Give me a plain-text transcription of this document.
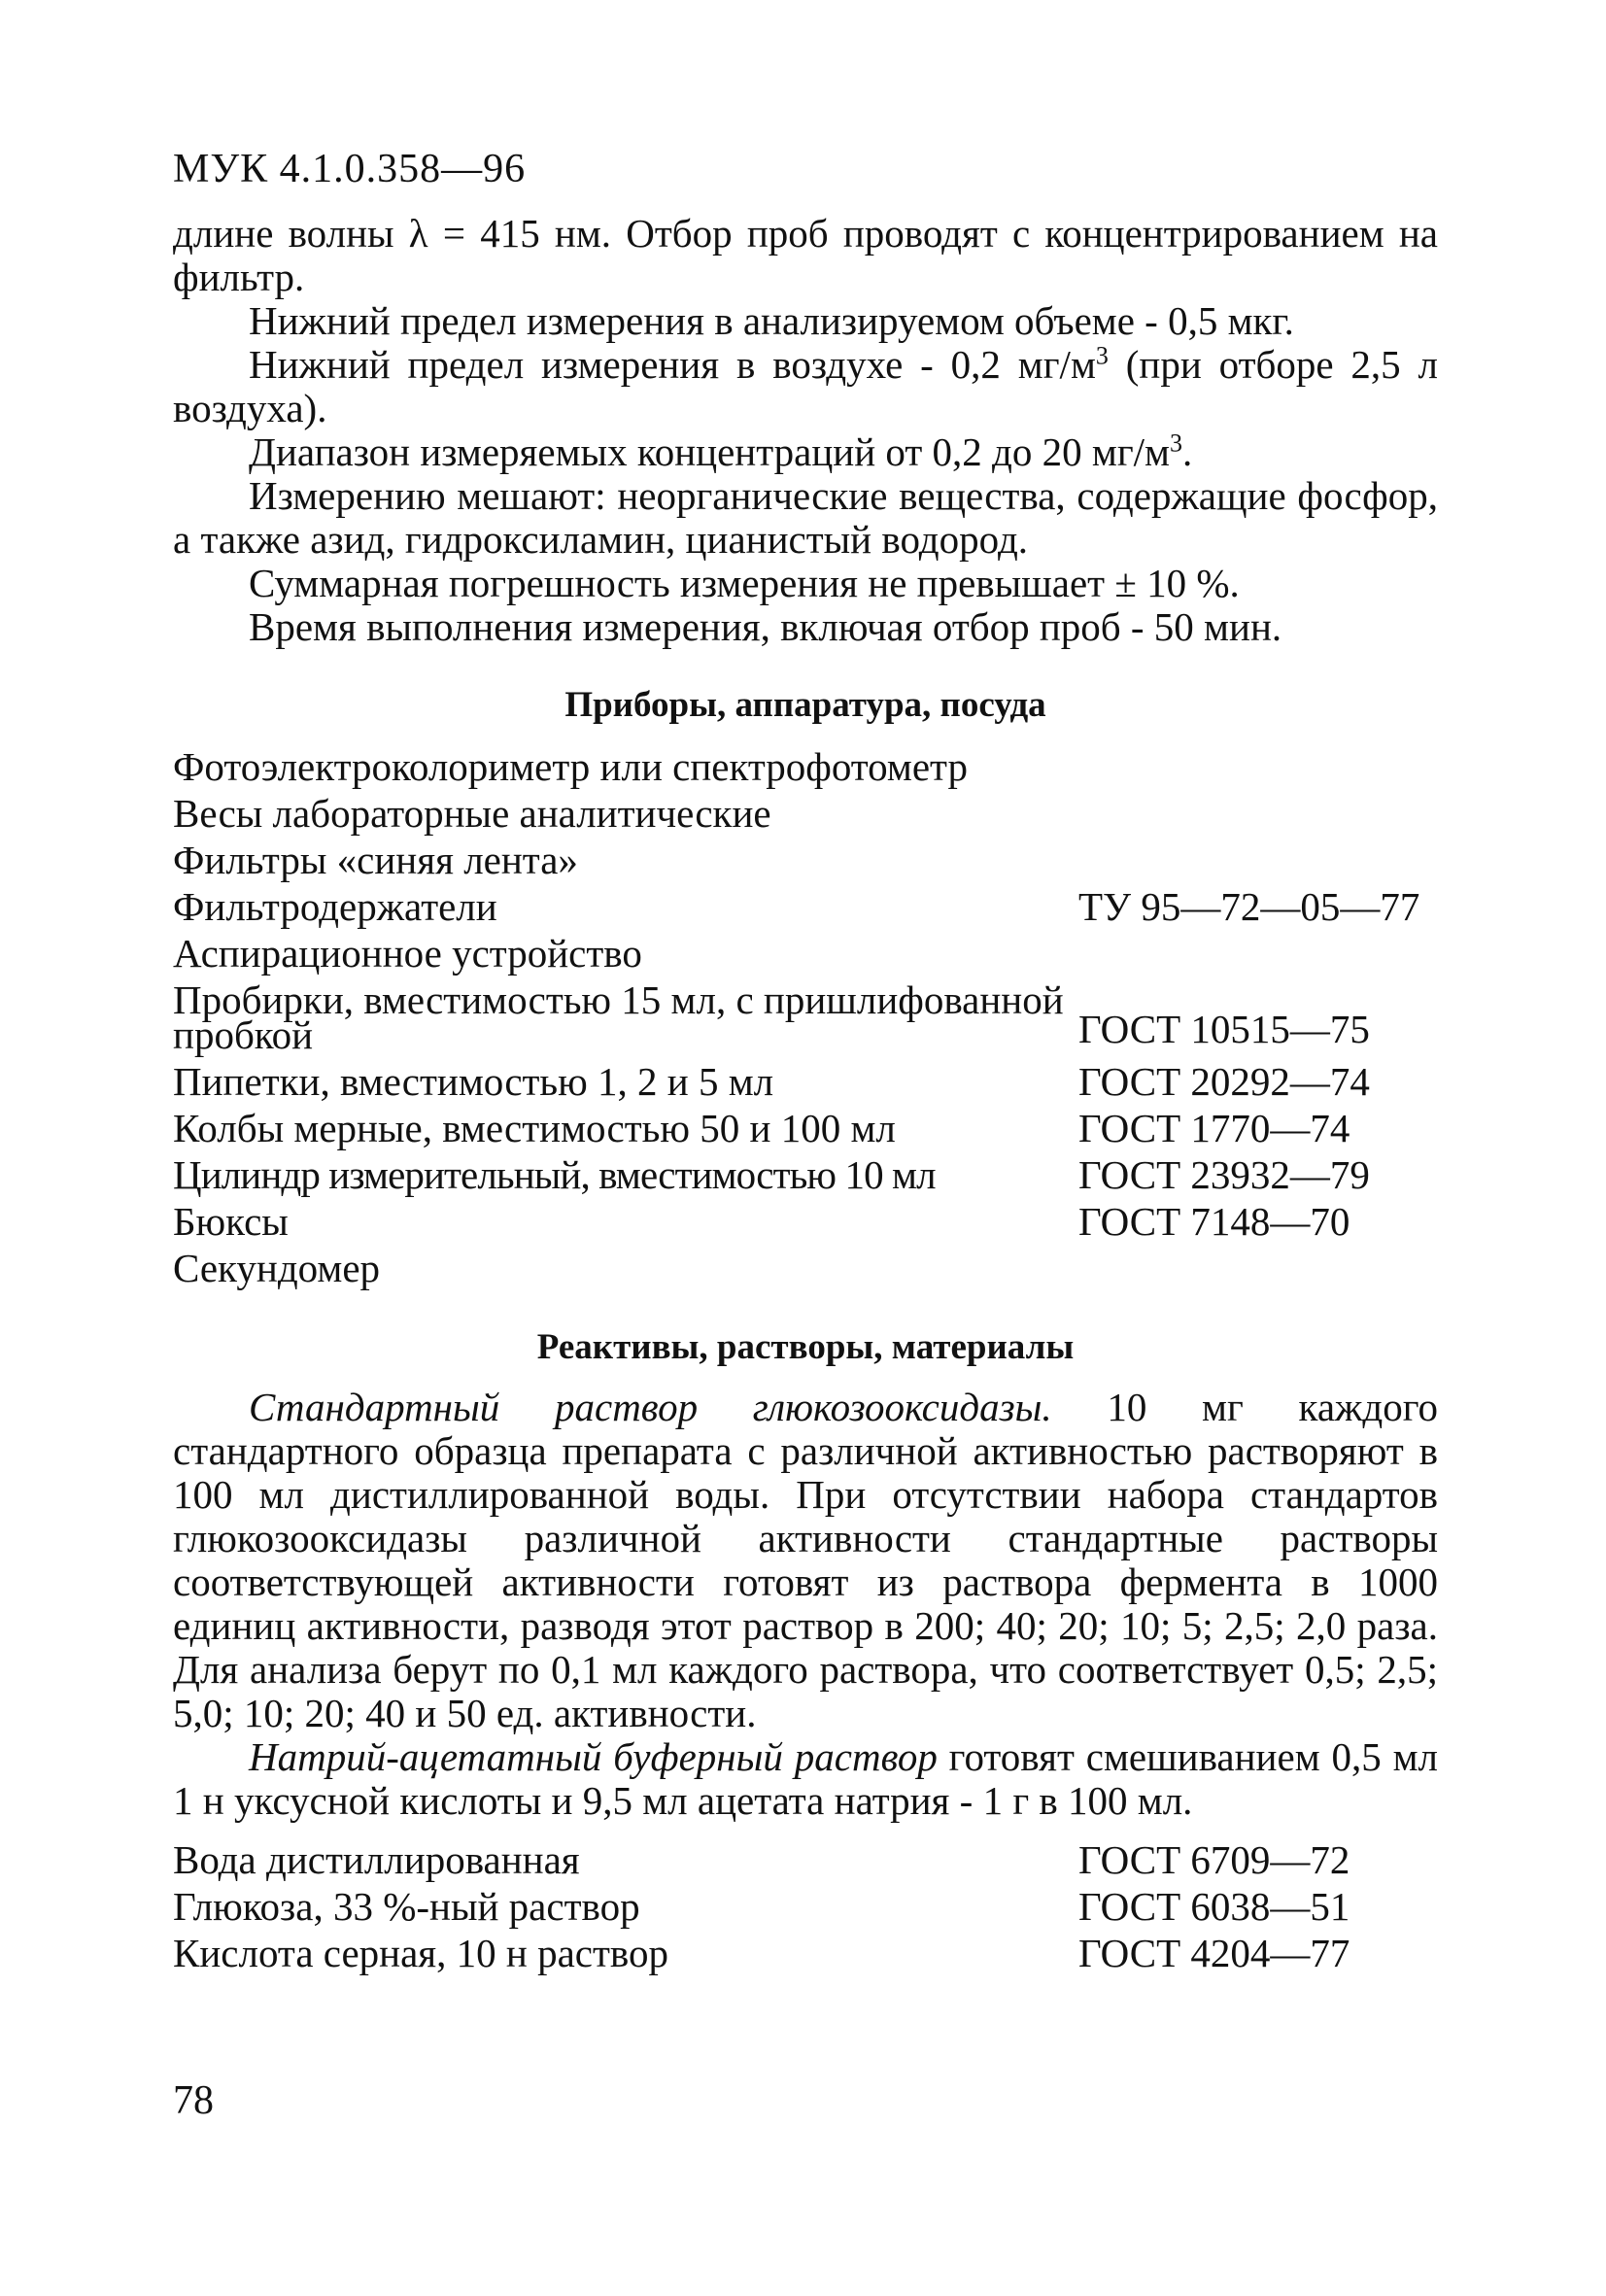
МУК 4.1.0.358—96
длине волны λ = 415 нм. Отбор проб проводят с концентрированием на фильтр.
Нижний предел измерения в анализируемом объеме - 0,5 мкг.
Нижний предел измерения в воздухе - 0,2 $мг/м^3$ (при отборе 2,5 л воздуха).
Диапазон измеряемых концентраций от 0,2 до 20 $мг/м^3$.
Измерению мешают: неорганические вещества, содержащие фосфор, а также азид, гидроксиламин, цианистый водород.
Суммарная погрешность измерения не превышает ± 10 %.
Время выполнения измерения, включая отбор проб - 50 мин.
Приборы, аппаратура, посуда
Фотоэлектроколориметр или спектрофотометр
Весы лабораторные аналитические
Фильтры «синяя лента»
Фильтродержатели	ТУ 95—72—05—77
Аспирационное устройство
Пробирки, вместимостью 15 мл, с пришлифованной пробкой	ГОСТ 10515—75
Пипетки, вместимостью 1, 2 и 5 мл	ГОСТ 20292—74
Колбы мерные, вместимостью 50 и 100 мл	ГОСТ 1770—74
Цилиндр измерительный, вместимостью 10 мл	ГОСТ 23932—79
Бюксы	ГОСТ 7148—70
Секундомер
Реактивы, растворы, материалы
Стандартный раствор глюкозооксидазы. 10 мг каждого стандартного образца препарата с различной активностью растворяют в 100 мл дистиллированной воды. При отсутствии набора стандартов глюкозооксидазы различной активности стандартные растворы соответствующей активности готовят из раствора фермента в 1000 единиц активности, разводя этот раствор в 200; 40; 20; 10; 5; 2,5; 2,0 раза. Для анализа берут по 0,1 мл каждого раствора, что соответствует 0,5; 2,5; 5,0; 10; 20; 40 и 50 ед. активности.
Натрий-ацетатный буферный раствор готовят смешиванием 0,5 мл 1 н уксусной кислоты и 9,5 мл ацетата натрия - 1 г в 100 мл.
Вода дистиллированная	ГОСТ 6709—72
Глюкоза, 33 %-ный раствор	ГОСТ 6038—51
Кислота серная, 10 н раствор	ГОСТ 4204—77
78
